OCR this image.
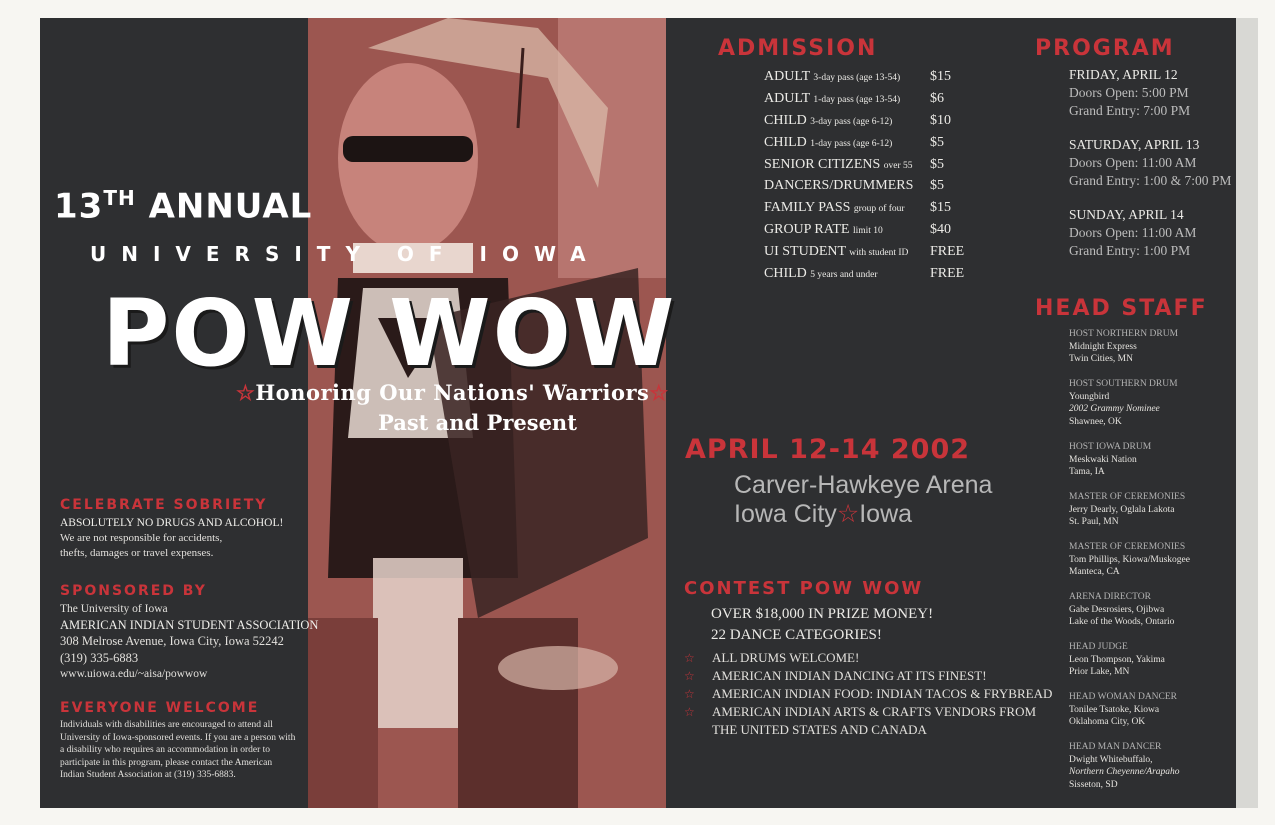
13TH ANNUAL
UNIVERSITY OF IOWA
POW WOW
☆Honoring Our Nations' Warriors☆
Past and Present
ADMISSION
ADULT 3-day pass (age 13-54)	$15
ADULT 1-day pass (age 13-54)	$6
CHILD 3-day pass (age 6-12)	$10
CHILD 1-day pass (age 6-12)	$5
SENIOR CITIZENS over 55	$5
DANCERS/DRUMMERS	$5
FAMILY PASS group of four	$15
GROUP RATE limit 10	$40
UI STUDENT with student ID	FREE
CHILD 5 years and under	FREE
APRIL 12-14 2002
Carver-Hawkeye Arena
Iowa City☆Iowa
CONTEST POW WOW
OVER $18,000 IN PRIZE MONEY!
22 DANCE CATEGORIES!
☆ ALL DRUMS WELCOME!
☆ AMERICAN INDIAN DANCING AT ITS FINEST!
☆ AMERICAN INDIAN FOOD: INDIAN TACOS & FRYBREAD
☆ AMERICAN INDIAN ARTS & CRAFTS VENDORS FROM
THE UNITED STATES AND CANADA
PROGRAM
FRIDAY, APRIL 12
Doors Open: 5:00 PM
Grand Entry: 7:00 PM
SATURDAY, APRIL 13
Doors Open: 11:00 AM
Grand Entry: 1:00 & 7:00 PM
SUNDAY, APRIL 14
Doors Open: 11:00 AM
Grand Entry: 1:00 PM
HEAD STAFF
HOST NORTHERN DRUM
Midnight Express
Twin Cities, MN
HOST SOUTHERN DRUM
Youngbird
2002 Grammy Nominee
Shawnee, OK
HOST IOWA DRUM
Meskwaki Nation
Tama, IA
MASTER OF CEREMONIES
Jerry Dearly, Oglala Lakota
St. Paul, MN
MASTER OF CEREMONIES
Tom Phillips, Kiowa/Muskogee
Manteca, CA
ARENA DIRECTOR
Gabe Desrosiers, Ojibwa
Lake of the Woods, Ontario
HEAD JUDGE
Leon Thompson, Yakima
Prior Lake, MN
HEAD WOMAN DANCER
Tonilee Tsatoke, Kiowa
Oklahoma City, OK
HEAD MAN DANCER
Dwight Whitebuffalo,
Northern Cheyenne/Arapaho
Sisseton, SD
CELEBRATE SOBRIETY
ABSOLUTELY NO DRUGS AND ALCOHOL!
We are not responsible for accidents,
thefts, damages or travel expenses.
SPONSORED BY
The University of Iowa
AMERICAN INDIAN STUDENT ASSOCIATION
308 Melrose Avenue, Iowa City, Iowa 52242
(319) 335-6883
www.uiowa.edu/~aisa/powwow
EVERYONE WELCOME
Individuals with disabilities are encouraged to attend all
University of Iowa-sponsored events. If you are a person with
a disability who requires an accommodation in order to
participate in this program, please contact the American
Indian Student Association at (319) 335-6883.
